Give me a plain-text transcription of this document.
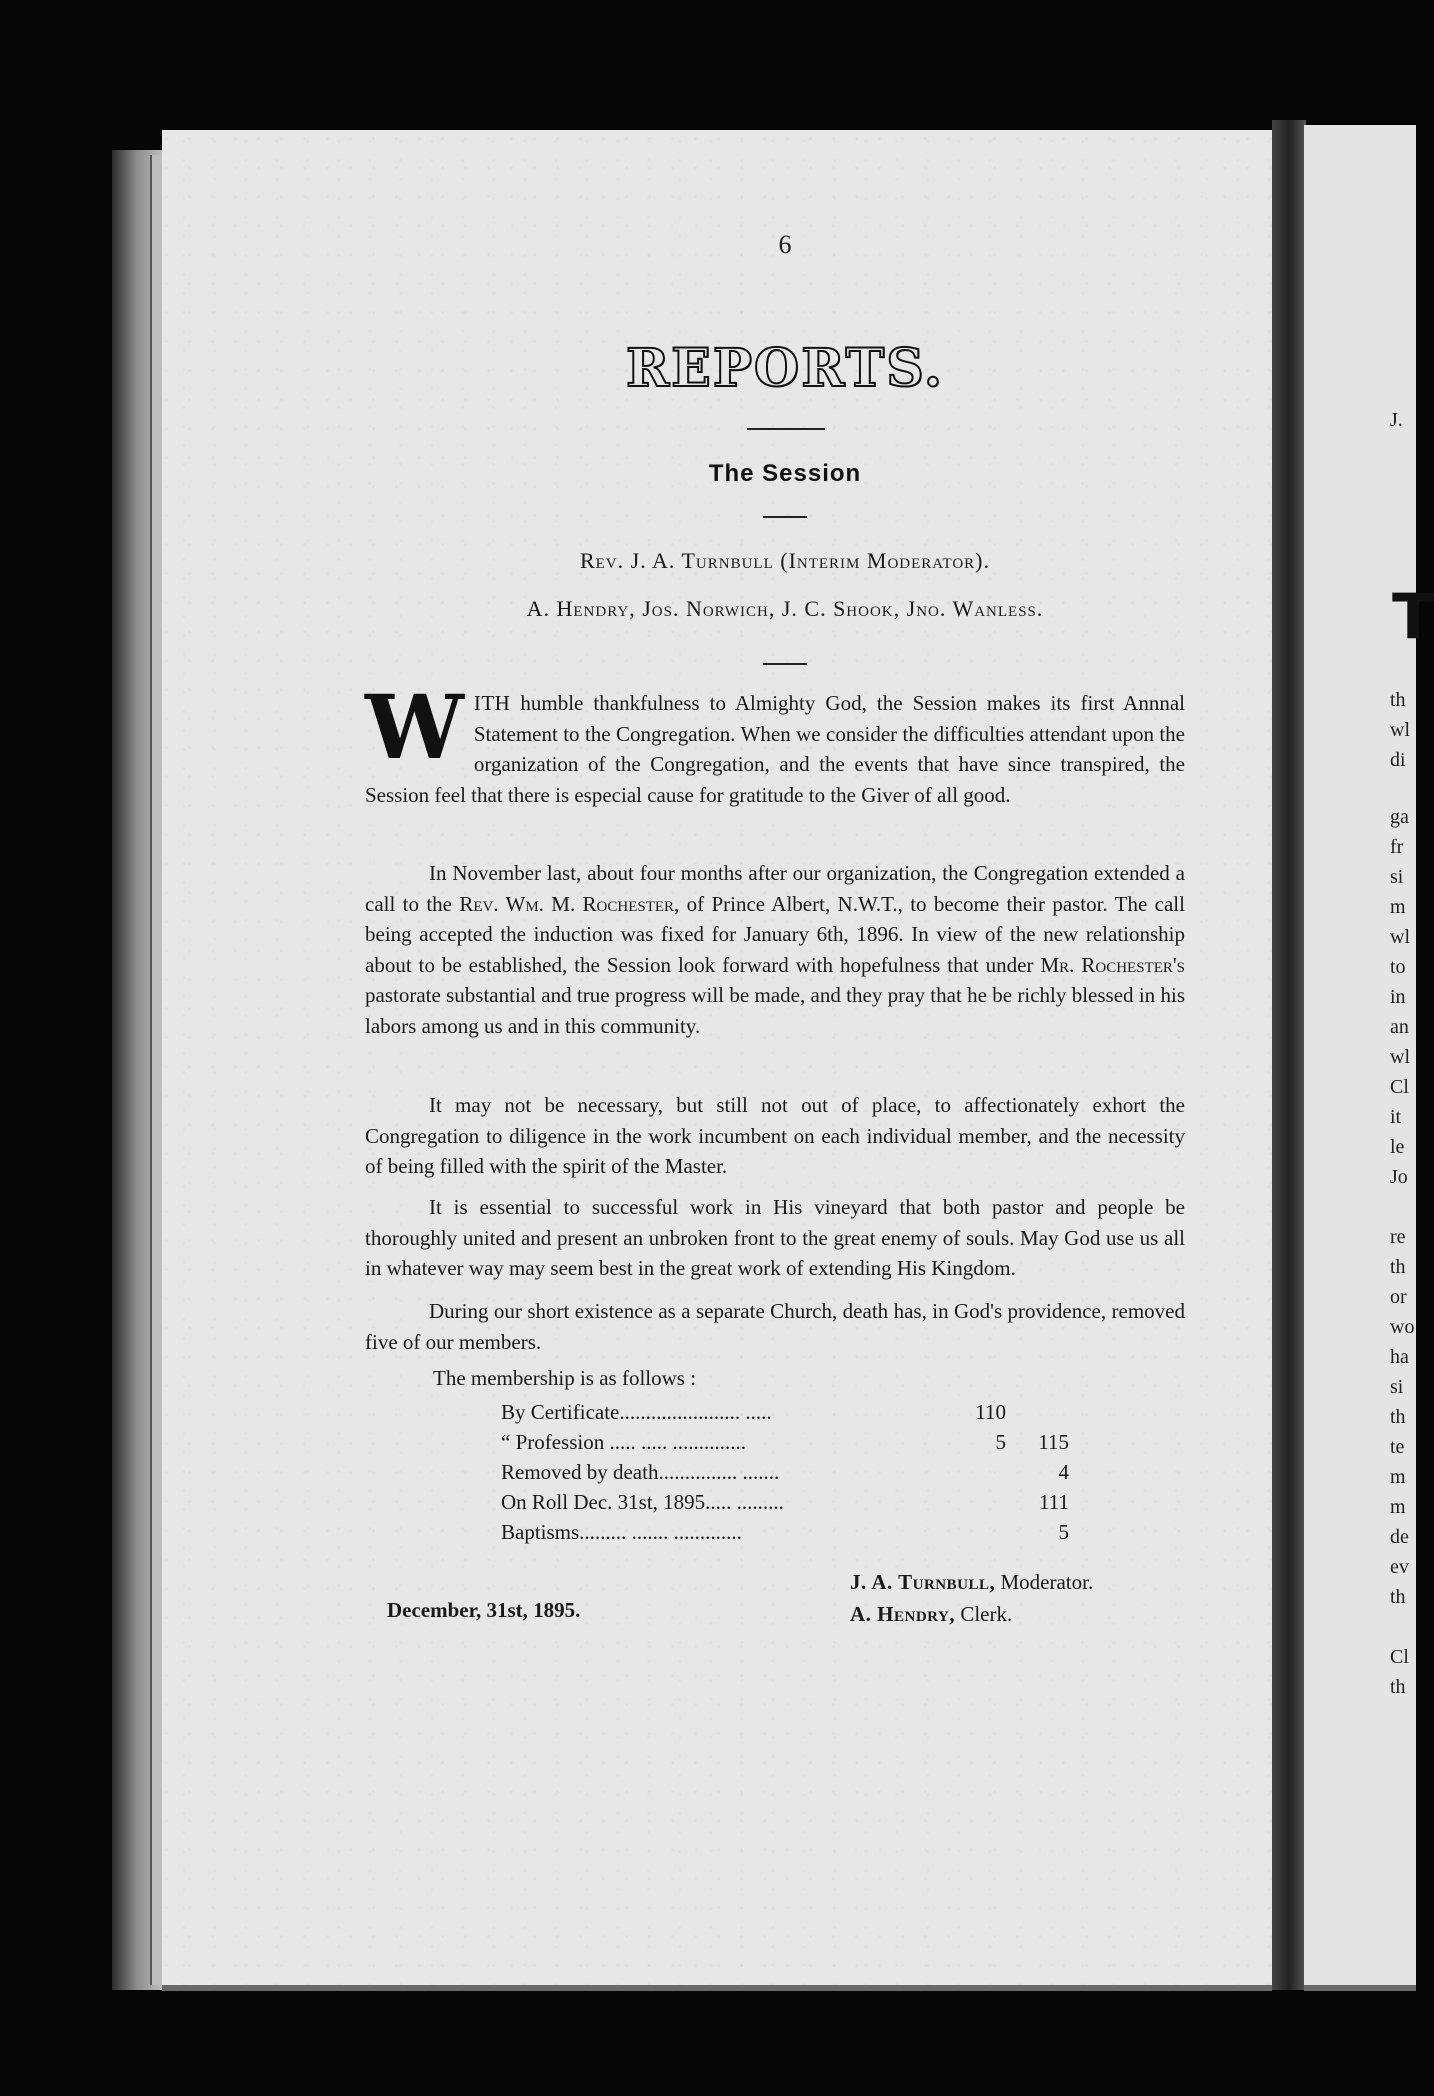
J.
T
th
wl
di
ga
fr
si
m
wl
to
in
an
wl
Cl
it
le
Jo
re
th
or
wo
ha
si
th
te
m
m
de
ev
th
Cl
th
6
REPORTS.
The Session
Rev. J. A. Turnbull (Interim Moderator).
A. Hendry, Jos. Norwich, J. C. Shook, Jno. Wanless.
W ITH humble thankfulness to Almighty God, the Session makes its first Annnal Statement to the Congregation. When we consider the difficulties attendant upon the organization of the Congregation, and the events that have since transpired, the Session feel that there is especial cause for gratitude to the Giver of all good.
In November last, about four months after our organization, the Congregation extended a call to the Rev. Wm. M. Rochester, of Prince Albert, N.W.T., to become their pastor. The call being accepted the induction was fixed for January 6th, 1896. In view of the new relationship about to be established, the Session look forward with hopefulness that under Mr. Rochester's pastorate substantial and true progress will be made, and they pray that he be richly blessed in his labors among us and in this community.
It may not be necessary, but still not out of place, to affectionately exhort the Congregation to diligence in the work incumbent on each individual member, and the necessity of being filled with the spirit of the Master.
It is essential to successful work in His vineyard that both pastor and people be thoroughly united and present an unbroken front to the great enemy of souls. May God use us all in whatever way may seem best in the great work of extending His Kingdom.
During our short existence as a separate Church, death has, in God's providence, removed five of our members.
The membership is as follows :
By Certificate....................... .....	110
“ Profession ..... ..... ..............	5	115
Removed by death............... .......	4
On Roll Dec. 31st, 1895..... .........	111
Baptisms......... ....... .............	5
J. A. Turnbull, Moderator.
A. Hendry, Clerk.
December, 31st, 1895.
